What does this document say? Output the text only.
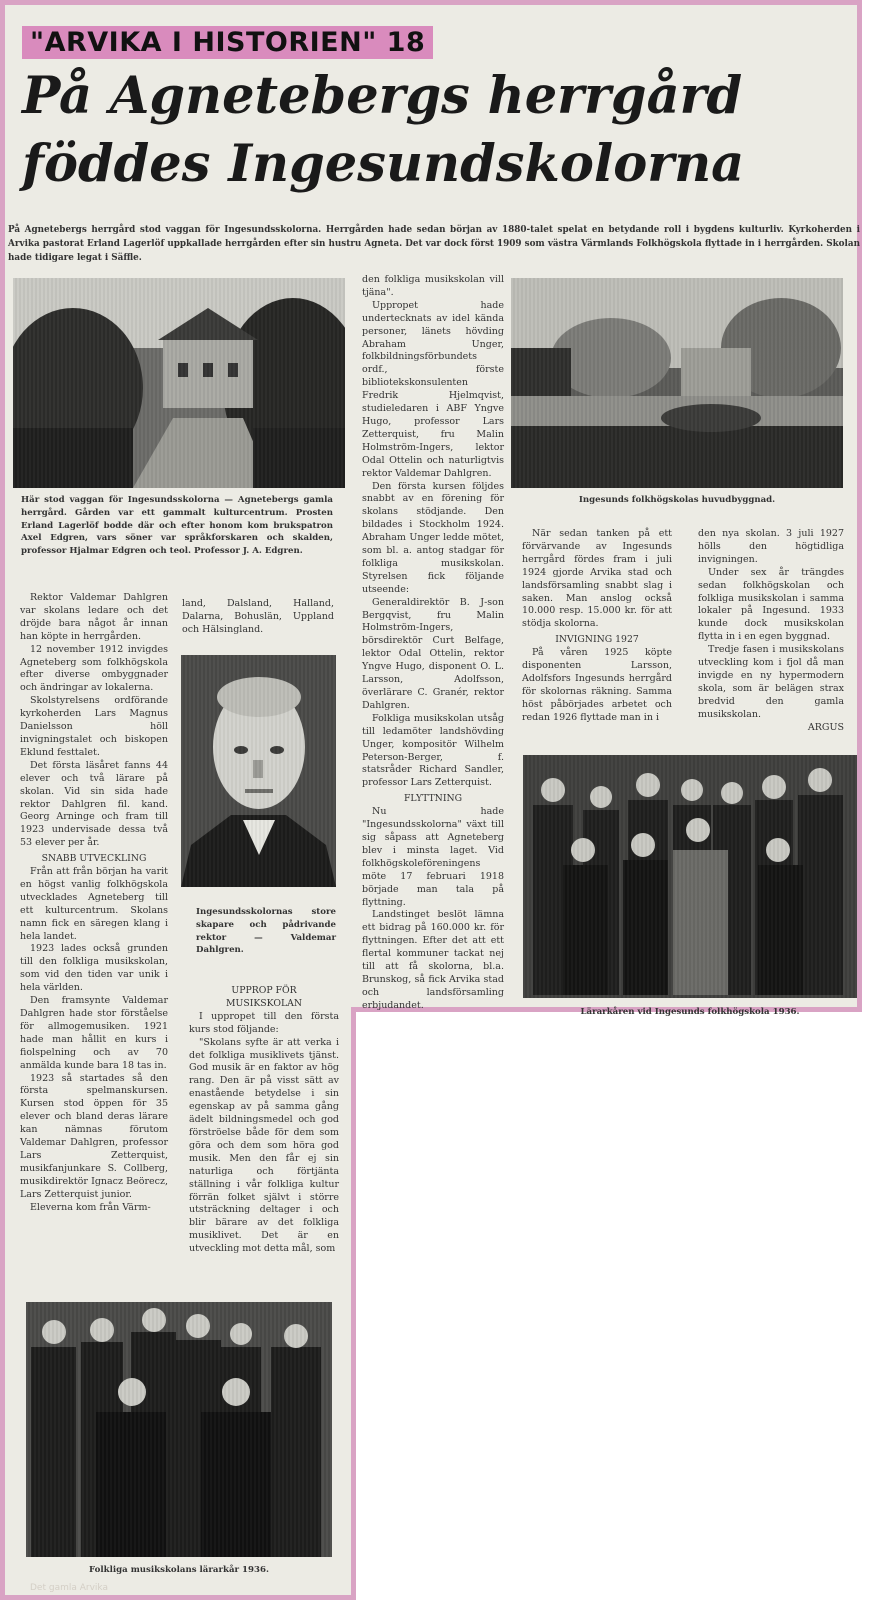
"ARVIKA I HISTORIEN" 18
På Agnetebergs herrgård
föddes Ingesundskolorna
På Agnetebergs herrgård stod vaggan för Ingesundsskolorna. Herrgården hade sedan början av 1880-talet spelat en betydande roll i bygdens kulturliv. Kyrkoherden i Arvika pastorat Erland Lagerlöf uppkallade herrgården efter sin hustru Agneta. Det var dock först 1909 som västra Värmlands Folkhögskola flyttade in i herrgården. Skolan hade tidigare legat i Säffle.
Här stod vaggan för Ingesundsskolorna — Agnetebergs gamla herrgård. Gården var ett gammalt kulturcentrum. Prosten Erland Lagerlöf bodde där och efter honom kom brukspatron Axel Edgren, vars söner var språkforskaren och skalden, professor Hjalmar Edgren och teol. Professor J. A. Edgren.
Ingesunds folkhögskolas huvudbyggnad.

Rektor Valdemar Dahlgren var skolans ledare och det dröjde bara något år innan han köpte in herrgården.

12 november 1912 invigdes Agneteberg som folkhögskola efter diverse ombyggnader och ändringar av lokalerna.

Skolstyrelsens ordförande kyrkoherden Lars Magnus Danielsson höll invigningstalet och biskopen Eklund festtalet.

Det första läsåret fanns 44 elever och två lärare på skolan. Vid sin sida hade rektor Dahlgren fil. kand. Georg Arninge och fram till 1923 undervisade dessa två 53 elever per år.

SNABB UTVECKLING

Från att från början ha varit en högst vanlig folkhögskola utvecklades Agneteberg till ett kulturcentrum. Skolans namn fick en säregen klang i hela landet.

1923 lades också grunden till den folkliga musikskolan, som vid den tiden var unik i hela världen.

Den framsynte Valdemar Dahlgren hade stor förståelse för allmogemusiken. 1921 hade man hållit en kurs i fiolspelning och av 70 anmälda kunde bara 18 tas in.

1923 så startades så den första spelmanskursen. Kursen stod öppen för 35 elever och bland deras lärare kan nämnas förutom Valdemar Dahlgren, professor Lars Zetterquist, musikfanjunkare S. Collberg, musikdirektör Ignacz Beörecz, Lars Zetterquist junior.

Eleverna kom från Värm-

land, Dalsland, Halland, Dalarna, Bohuslän, Uppland och Hälsingland.

Ingesundsskolornas store skapare och pådrivande rektor — Valdemar Dahlgren.

UPPROP FÖR MUSIKSKOLAN

I uppropet till den första kurs stod följande:

"Skolans syfte är att verka i det folkliga musiklivets tjänst. God musik är en faktor av hög rang. Den är på visst sätt av enastående betydelse i sin egenskap av på samma gång ädelt bildningsmedel och god förströelse både för dem som göra och dem som höra god musik. Men den får ej sin naturliga och förtjänta ställning i vår folkliga kultur förrän folket självt i större utsträckning deltager i och blir bärare av det folkliga musiklivet. Det är en utveckling mot detta mål, som

den folkliga musikskolan vill tjäna".

Uppropet hade undertecknats av idel kända personer, länets hövding Abraham Unger, folkbildningsförbundets ordf., förste bibliotekskonsulenten Fredrik Hjelmqvist, studieledaren i ABF Yngve Hugo, professor Lars Zetterquist, fru Malin Holmström-Ingers, lektor Odal Ottelin och naturligtvis rektor Valdemar Dahlgren.

Den första kursen följdes snabbt av en förening för skolans stödjande. Den bildades i Stockholm 1924. Abraham Unger ledde mötet, som bl. a. antog stadgar för folkliga musikskolan. Styrelsen fick följande utseende:

Generaldirektör B. J-son Bergqvist, fru Malin Holmström-Ingers, börsdirektör Curt Belfage, lektor Odal Ottelin, rektor Yngve Hugo, disponent O. L. Larsson, Adolfsson, överlärare C. Granér, rektor Dahlgren.

Folkliga musikskolan utsåg till ledamöter landshövding Unger, kompositör Wilhelm Peterson-Berger, f. statsråder Richard Sandler, professor Lars Zetterquist.

FLYTTNING

Nu hade "Ingesundsskolorna" växt till sig såpass att Agneteberg blev i minsta laget. Vid folkhögskoleföreningens möte 17 februari 1918 började man tala på flyttning.

Landstinget beslöt lämna ett bidrag på 160.000 kr. för flyttningen. Efter det att ett flertal kommuner tackat nej till att få skolorna, bl.a. Brunskog, så fick Arvika stad och landsförsamling erbjudandet.

När sedan tanken på ett förvärvande av Ingesunds herrgård fördes fram i juli 1924 gjorde Arvika stad och landsförsamling snabbt slag i saken. Man anslog också 10.000 resp. 15.000 kr. för att stödja skolorna.

INVIGNING 1927

På våren 1925 köpte disponenten Larsson, Adolfsfors Ingesunds herrgård för skolornas räkning. Samma höst påbörjades arbetet och redan 1926 flyttade man in i

den nya skolan. 3 juli 1927 hölls den högtidliga invigningen.

Under sex år trängdes sedan folkhögskolan och folkliga musikskolan i samma lokaler på Ingesund. 1933 kunde dock musikskolan flytta in i en egen byggnad.

Tredje fasen i musikskolans utveckling kom i fjol då man invigde en ny hypermodern skola, som är belägen strax bredvid den gamla musikskolan.

ARGUS

Lärarkåren vid Ingesunds folkhögskola 1936.
Folkliga musikskolans lärarkår 1936.
Det gamla Arvika
